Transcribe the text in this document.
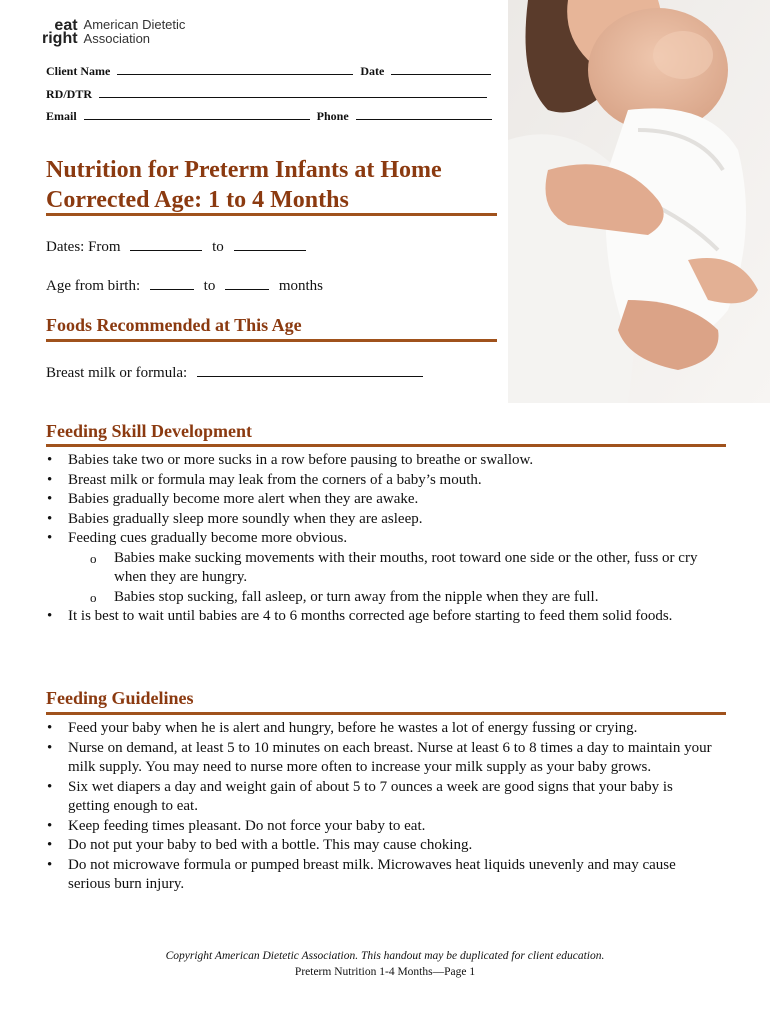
eat
right
American Dietetic
Association
Client Name	Date
RD/DTR
Email	Phone
Nutrition for Preterm Infants at Home
Corrected Age: 1 to 4 Months
Dates: From	to
Age from birth:	to	months
Foods Recommended at This Age
Breast milk or formula:
Feeding Skill Development
• Babies take two or more sucks in a row before pausing to breathe or swallow.
• Breast milk or formula may leak from the corners of a baby’s mouth.
• Babies gradually become more alert when they are awake.
• Babies gradually sleep more soundly when they are asleep.
• Feeding cues gradually become more obvious.
o Babies make sucking movements with their mouths, root toward one side or the other, fuss or cry when they are hungry.
o Babies stop sucking, fall asleep, or turn away from the nipple when they are full.
• It is best to wait until babies are 4 to 6 months corrected age before starting to feed them solid foods.
Feeding Guidelines
• Feed your baby when he is alert and hungry, before he wastes a lot of energy fussing or crying.
• Nurse on demand, at least 5 to 10 minutes on each breast. Nurse at least 6 to 8 times a day to maintain your milk supply. You may need to nurse more often to increase your milk supply as your baby grows.
• Six wet diapers a day and weight gain of about 5 to 7 ounces a week are good signs that your baby is getting enough to eat.
• Keep feeding times pleasant. Do not force your baby to eat.
• Do not put your baby to bed with a bottle. This may cause choking.
• Do not microwave formula or pumped breast milk. Microwaves heat liquids unevenly and may cause serious burn injury.
Copyright American Dietetic Association. This handout may be duplicated for client education.
Preterm Nutrition 1-4 Months—Page 1
